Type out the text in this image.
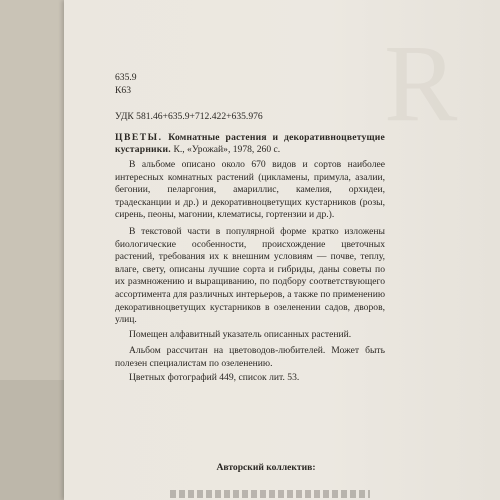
R

635.9

К63

УДК 581.46+635.9+712.422+635.976

ЦВЕТЫ. Комнатные растения и декоративноцветущие кустарники. К., «Урожай», 1978, 260 с.

В альбоме описано около 670 видов и сортов наиболее интересных комнатных растений (цикламены, примула, азалии, бегонии, пеларгония, амариллис, камелия, орхидеи, традесканции и др.) и декоративноцветущих кустарников (розы, сирень, пеоны, магонии, клематисы, гортензии и др.).

В текстовой части в популярной форме кратко изложены биологические особенности, происхождение цветочных растений, требования их к внешним условиям — почве, теплу, влаге, свету, описаны лучшие сорта и гибриды, даны советы по их размножению и выращиванию, по подбору соответствующего ассортимента для различных интерьеров, а также по применению декоративноцветущих кустарников в озеленении садов, дворов, улиц.

Помещен алфавитный указатель описанных растений.

Альбом рассчитан на цветоводов-любителей. Может быть полезен специалистам по озеленению.

Цветных фотографий 449, список лит. 53.

Авторский коллектив:
